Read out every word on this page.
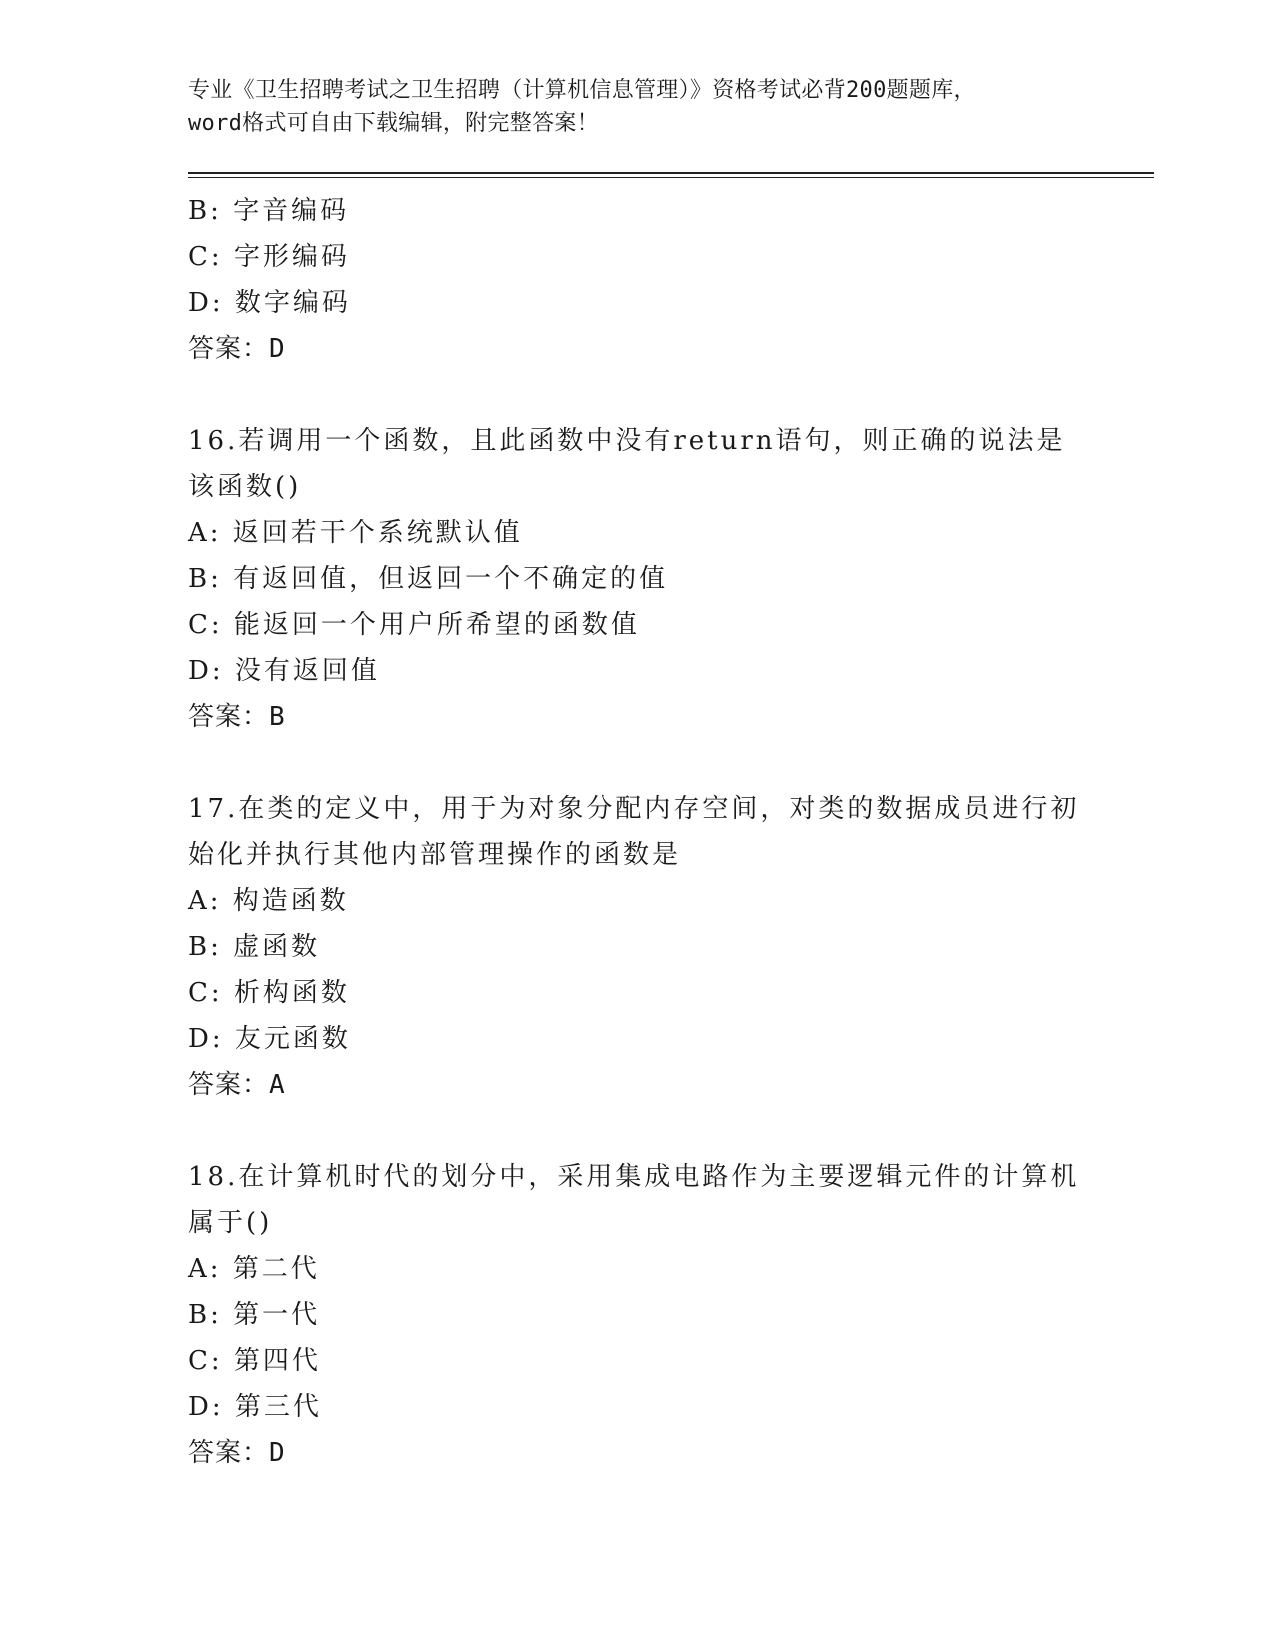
专业《卫生招聘考试之卫生招聘（计算机信息管理）》资格考试必背200题题库，
word格式可自由下载编辑，附完整答案！
B: 字音编码
C: 字形编码
D: 数字编码
答案：D
16.若调用一个函数，且此函数中没有return语句，则正确的说法是
该函数()
A: 返回若干个系统默认值
B: 有返回值，但返回一个不确定的值
C: 能返回一个用户所希望的函数值
D: 没有返回值
答案：B
17.在类的定义中，用于为对象分配内存空间，对类的数据成员进行初
始化并执行其他内部管理操作的函数是
A: 构造函数
B: 虚函数
C: 析构函数
D: 友元函数
答案：A
18.在计算机时代的划分中，采用集成电路作为主要逻辑元件的计算机
属于()
A: 第二代
B: 第一代
C: 第四代
D: 第三代
答案：D
